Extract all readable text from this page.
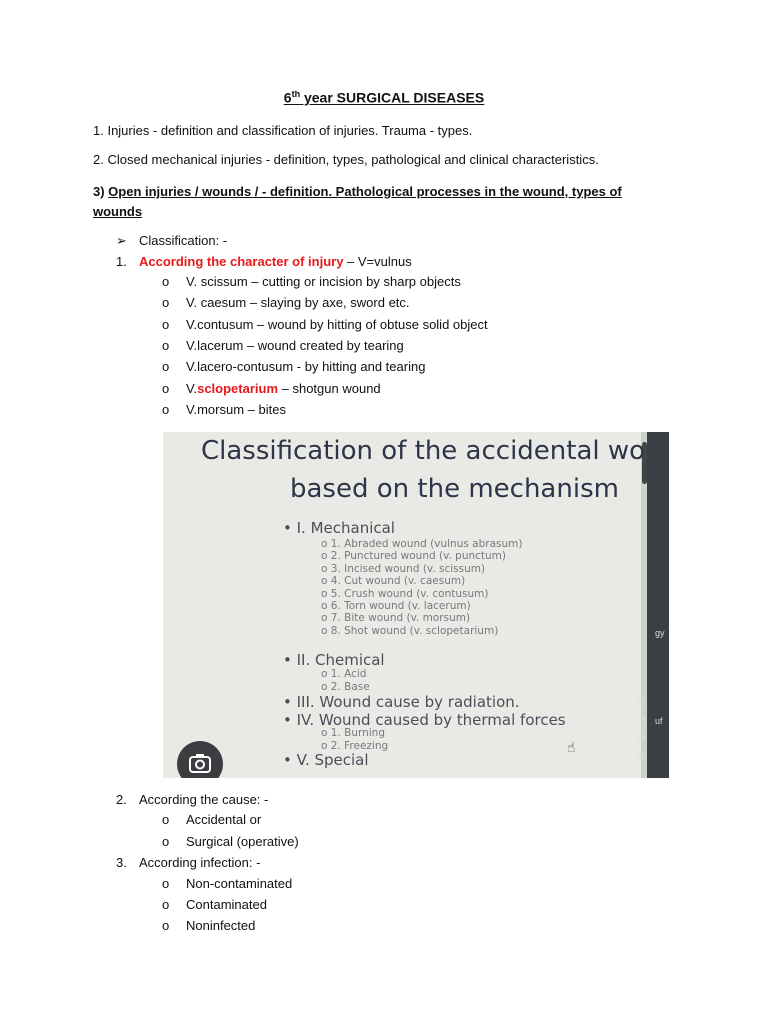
6th year SURGICAL DISEASES
1. Injuries - definition and classification of injuries. Trauma - types.
2. Closed mechanical injuries - definition, types, pathological and clinical characteristics.
3) Open injuries / wounds / - definition. Pathological processes in the wound, types of wounds
➢ Classification: -
1. According the character of injury – V=vulnus
o V. scissum – cutting or incision by sharp objects
o V. caesum – slaying by axe, sword etc.
o V.contusum – wound by hitting of obtuse solid object
o V.lacerum – wound created by tearing
o V.lacero-contusum - by hitting and tearing
o V.sclopetarium – shotgun wound
o V.morsum – bites
Classification of the accidental wo
based on the mechanism
• I. Mechanical
o 1. Abraded wound (vulnus abrasum)
o 2. Punctured wound (v. punctum)
o 3. Incised wound (v. scissum)
o 4. Cut wound (v. caesum)
o 5. Crush wound (v. contusum)
o 6. Torn wound (v. lacerum)
o 7. Bite wound (v. morsum)
o 8. Shot wound (v. sclopetarium)
• II. Chemical
o 1. Acid
o 2. Base
• III. Wound cause by radiation.
• IV. Wound caused by thermal forces
o 1. Burning
o 2. Freezing
• V. Special
gy
re
38 uf
96
36
☝
2. According the cause: -
o Accidental or
o Surgical (operative)
3. According infection: -
o Non-contaminated
o Contaminated
o Noninfected
